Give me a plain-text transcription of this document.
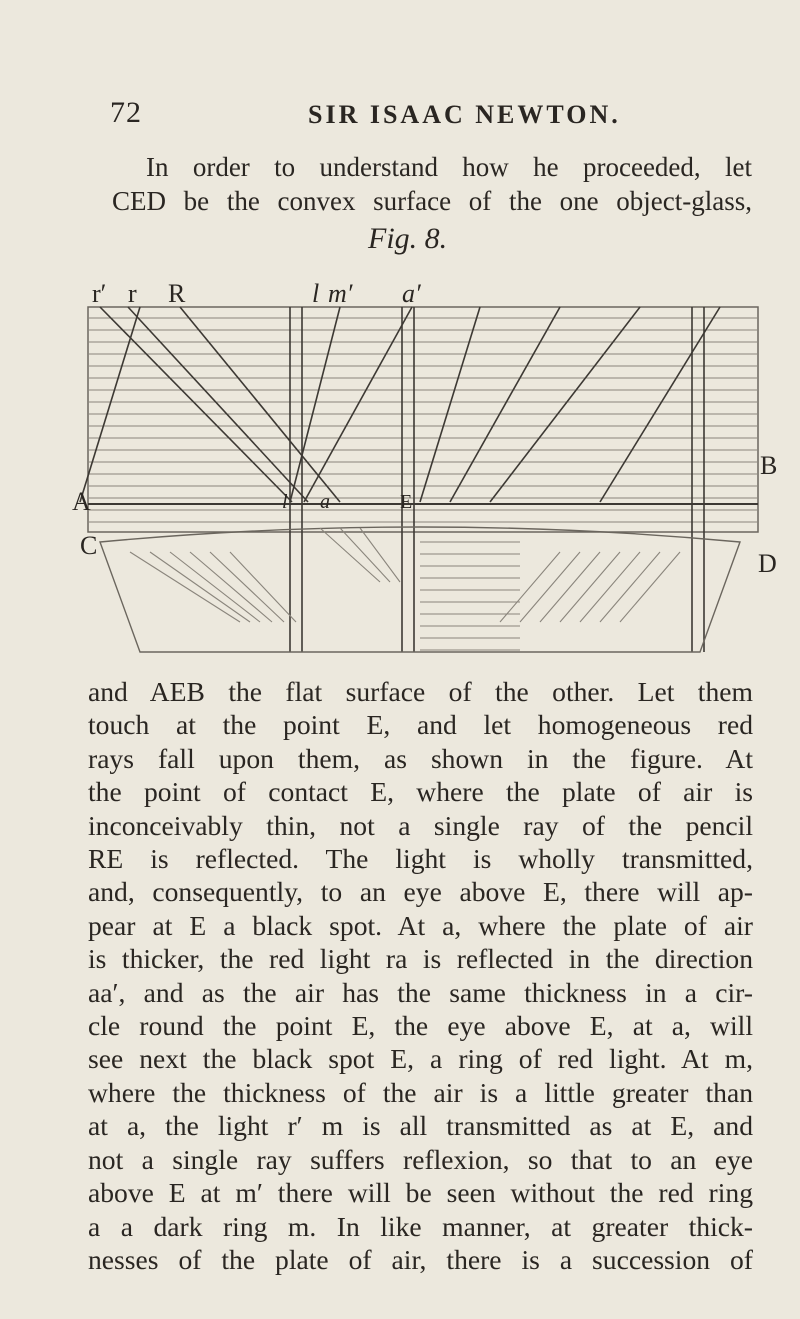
72	SIR ISAAC NEWTON.

In order to understand how he proceeded, let

CED be the convex surface of the one object-glass,

Fig. 8.
r′ r R	l m′ a′
A
B
C
D
l a	E
and AEB the flat surface of the other. Let them
touch at the point E, and let homogeneous red
rays fall upon them, as shown in the figure. At
the point of contact E, where the plate of air is
inconceivably thin, not a single ray of the pencil
RE is reflected. The light is wholly transmitted,
and, consequently, to an eye above E, there will ap-
pear at E a black spot. At a, where the plate of air
is thicker, the red light ra is reflected in the direction
aa′, and as the air has the same thickness in a cir-
cle round the point E, the eye above E, at a, will
see next the black spot E, a ring of red light. At m,
where the thickness of the air is a little greater than
at a, the light r′ m is all transmitted as at E, and
not a single ray suffers reflexion, so that to an eye
above E at m′ there will be seen without the red ring
a a dark ring m. In like manner, at greater thick-
nesses of the plate of air, there is a succession of
